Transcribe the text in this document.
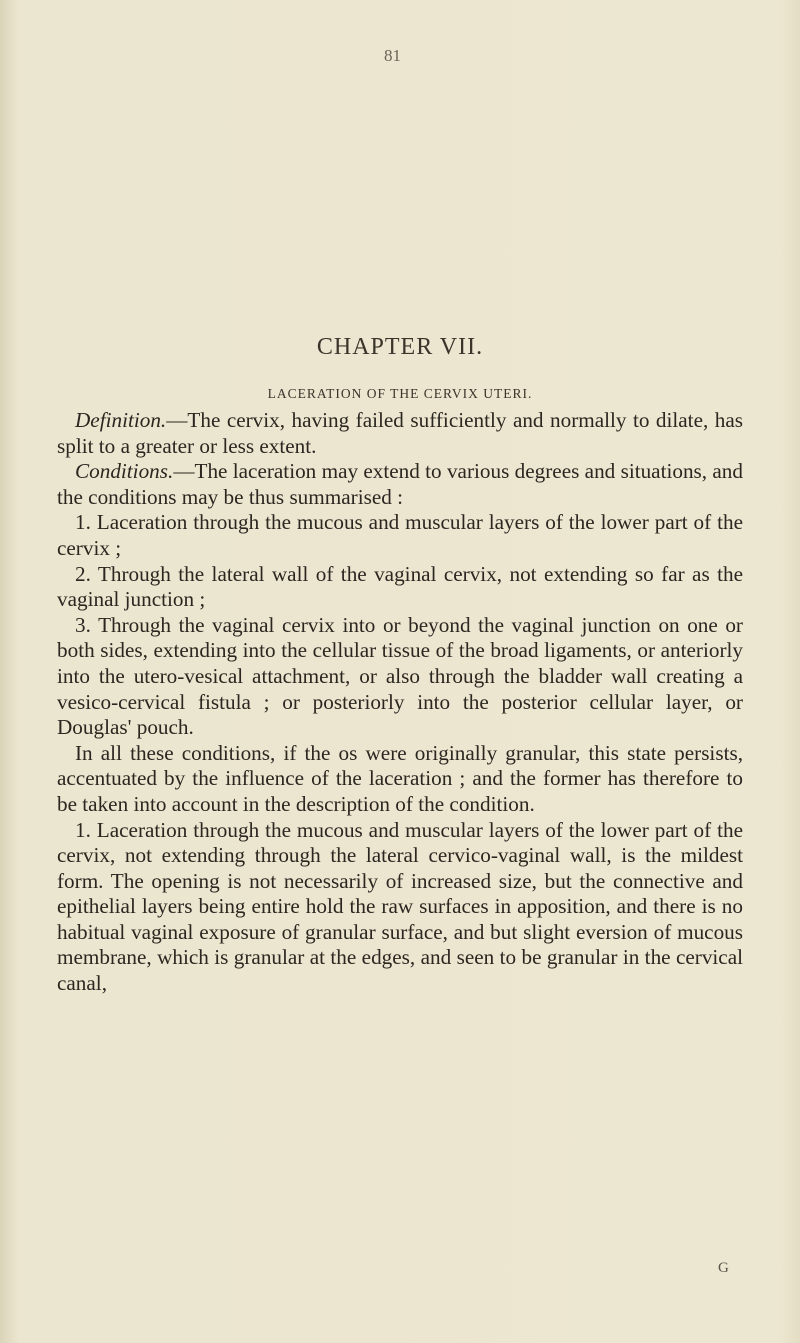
81
CHAPTER VII.
LACERATION OF THE CERVIX UTERI.

Definition.—The cervix, having failed sufficiently and normally to dilate, has split to a greater or less extent.

Conditions.—The laceration may extend to various degrees and situations, and the conditions may be thus summarised :

1. Laceration through the mucous and muscular layers of the lower part of the cervix ;

2. Through the lateral wall of the vaginal cervix, not extending so far as the vaginal junction ;

3. Through the vaginal cervix into or beyond the vaginal junction on one or both sides, extending into the cellular tissue of the broad ligaments, or anteriorly into the utero-vesical attachment, or also through the bladder wall creating a vesico-cervical fistula ; or posteriorly into the posterior cellular layer, or Douglas' pouch.

In all these conditions, if the os were originally granular, this state persists, accentuated by the influence of the laceration ; and the former has therefore to be taken into account in the description of the condition.

1. Laceration through the mucous and muscular layers of the lower part of the cervix, not extending through the lateral cervico-vaginal wall, is the mildest form. The opening is not necessarily of increased size, but the connective and epithelial layers being entire hold the raw surfaces in apposition, and there is no habitual vaginal exposure of granular surface, and but slight eversion of mucous membrane, which is granular at the edges, and seen to be granular in the cervical canal,

G
